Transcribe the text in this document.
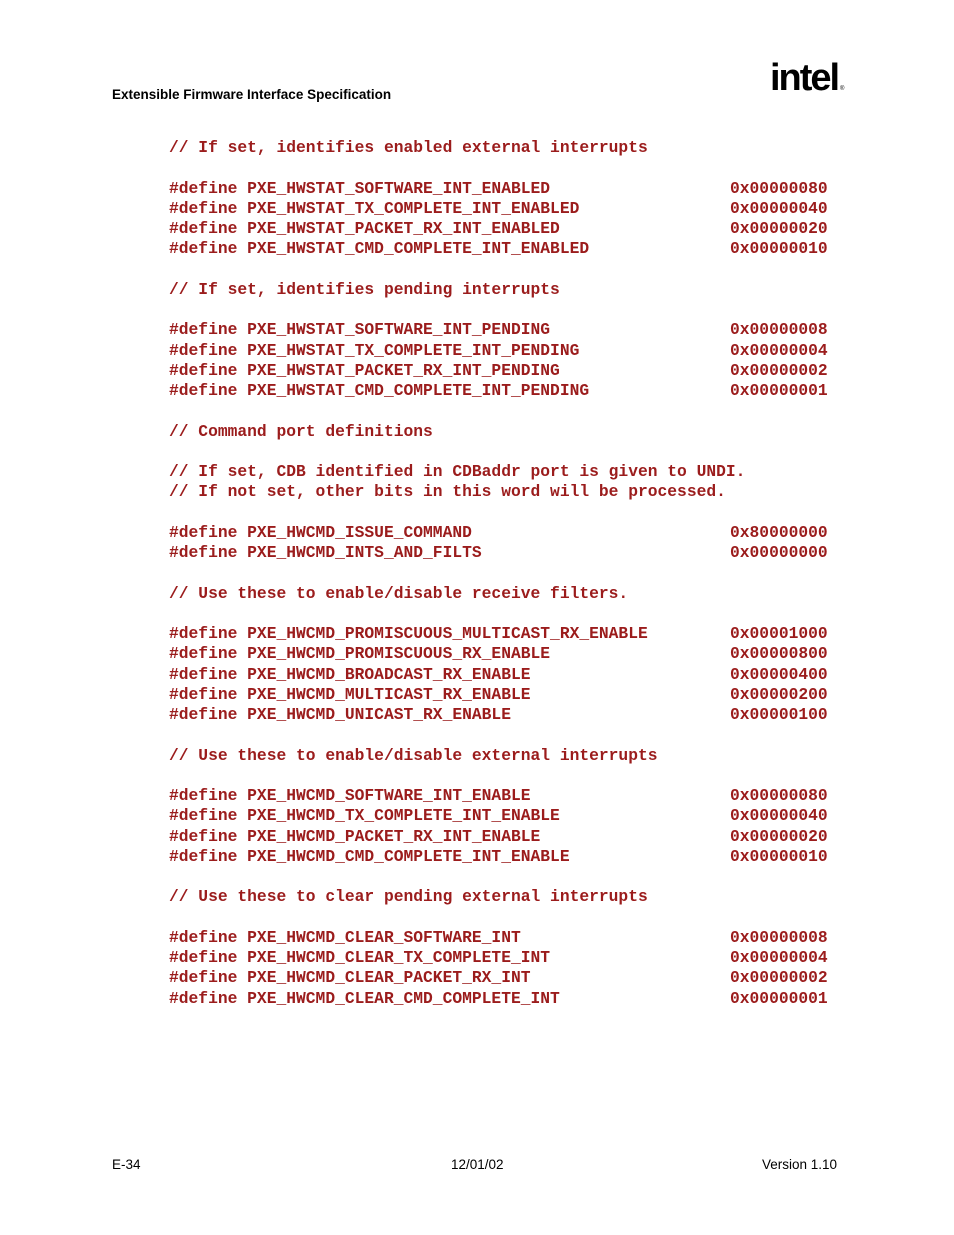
Extensible Firmware Interface Specification	intel ®
// If set, identifies enabled external interrupts
#define PXE_HWSTAT_SOFTWARE_INT_ENABLED	0x00000080
#define PXE_HWSTAT_TX_COMPLETE_INT_ENABLED	0x00000040
#define PXE_HWSTAT_PACKET_RX_INT_ENABLED	0x00000020
#define PXE_HWSTAT_CMD_COMPLETE_INT_ENABLED	0x00000010
// If set, identifies pending interrupts
#define PXE_HWSTAT_SOFTWARE_INT_PENDING	0x00000008
#define PXE_HWSTAT_TX_COMPLETE_INT_PENDING	0x00000004
#define PXE_HWSTAT_PACKET_RX_INT_PENDING	0x00000002
#define PXE_HWSTAT_CMD_COMPLETE_INT_PENDING	0x00000001
// Command port definitions
// If set, CDB identified in CDBaddr port is given to UNDI.
// If not set, other bits in this word will be processed.
#define PXE_HWCMD_ISSUE_COMMAND	0x80000000
#define PXE_HWCMD_INTS_AND_FILTS	0x00000000
// Use these to enable/disable receive filters.
#define PXE_HWCMD_PROMISCUOUS_MULTICAST_RX_ENABLE	0x00001000
#define PXE_HWCMD_PROMISCUOUS_RX_ENABLE	0x00000800
#define PXE_HWCMD_BROADCAST_RX_ENABLE	0x00000400
#define PXE_HWCMD_MULTICAST_RX_ENABLE	0x00000200
#define PXE_HWCMD_UNICAST_RX_ENABLE	0x00000100
// Use these to enable/disable external interrupts
#define PXE_HWCMD_SOFTWARE_INT_ENABLE	0x00000080
#define PXE_HWCMD_TX_COMPLETE_INT_ENABLE	0x00000040
#define PXE_HWCMD_PACKET_RX_INT_ENABLE	0x00000020
#define PXE_HWCMD_CMD_COMPLETE_INT_ENABLE	0x00000010
// Use these to clear pending external interrupts
#define PXE_HWCMD_CLEAR_SOFTWARE_INT	0x00000008
#define PXE_HWCMD_CLEAR_TX_COMPLETE_INT	0x00000004
#define PXE_HWCMD_CLEAR_PACKET_RX_INT	0x00000002
#define PXE_HWCMD_CLEAR_CMD_COMPLETE_INT	0x00000001
E-34	12/01/02	Version 1.10
